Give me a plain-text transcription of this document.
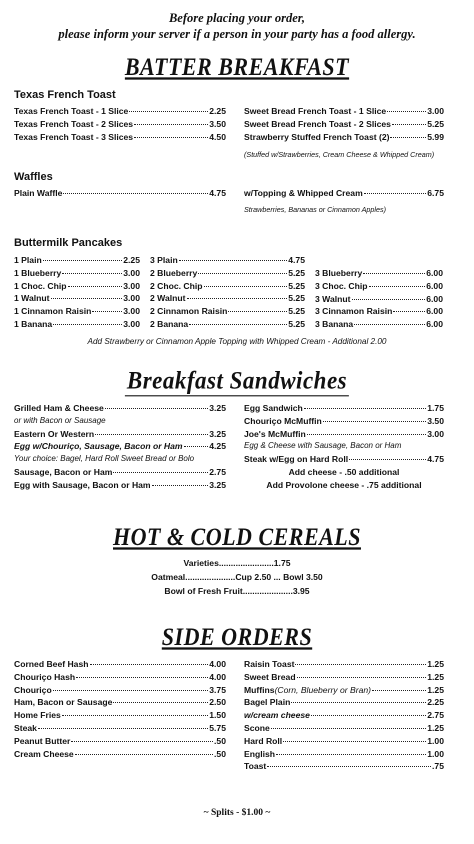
Before placing your order,
please inform your server if a person in your party has a food allergy.
BATTER BREAKFAST
Texas French Toast
Texas French Toast - 1 Slice	2.25
Texas French Toast - 2 Slices	3.50
Texas French Toast - 3 Slices	4.50
Sweet Bread French Toast - 1 Slice	3.00
Sweet Bread French Toast - 2 Slices	5.25
Strawberry Stuffed French Toast (2)	5.99
(Stuffed w/Strawberries, Cream Cheese & Whipped Cream)
Waffles
Plain Waffle	4.75 w/Topping & Whipped Cream	6.75
Strawberries, Bananas or Cinnamon Apples)
Buttermilk Pancakes
1 Plain	2.25
1 Blueberry	3.00
1 Choc. Chip	3.00
1 Walnut	3.00
1 Cinnamon Raisin	3.00
1 Banana	3.00
3 Plain	4.75
2 Blueberry	5.25
2 Choc. Chip	5.25
2 Walnut	5.25
2 Cinnamon Raisin	5.25
2 Banana	5.25
3 Blueberry	6.00
3 Choc. Chip	6.00
3 Walnut	6.00
3 Cinnamon Raisin	6.00
3 Banana	6.00
Add Strawberry or Cinnamon Apple Topping with Whipped Cream - Additional 2.00
Breakfast Sandwiches
Grilled Ham & Cheese	3.25
or with Bacon or Sausage
Eastern Or Western	3.25
Egg w/Chouriço, Sausage, Bacon or Ham	4.25
Your choice: Bagel, Hard Roll Sweet Bread or Bolo
Sausage, Bacon or Ham	2.75
Egg with Sausage, Bacon or Ham	3.25
Egg Sandwich	1.75
Chouriço McMuffin	3.50
Joe's McMuffin	3.00
Egg & Cheese with Sausage, Bacon or Ham
Steak w/Egg on Hard Roll	4.75
Add cheese - .50 additional
Add Provolone cheese - .75 additional
HOT & COLD CEREALS
Varieties.......................1.75
Oatmeal.....................Cup 2.50 ... Bowl 3.50
Bowl of Fresh Fruit.....................3.95
SIDE ORDERS
Corned Beef Hash	4.00
Chouriço Hash	4.00
Chouriço	3.75
Ham, Bacon or Sausage	2.50
Home Fries	1.50
Steak	5.75
Peanut Butter	.50
Cream Cheese	.50
Raisin Toast	1.25
Sweet Bread	1.25
Muffins (Corn, Blueberry or Bran)	1.25
Bagel Plain	2.25
w/cream cheese	2.75
Scone	1.25
Hard Roll	1.00
English	1.00
Toast	.75
~ Splits - $1.00 ~
